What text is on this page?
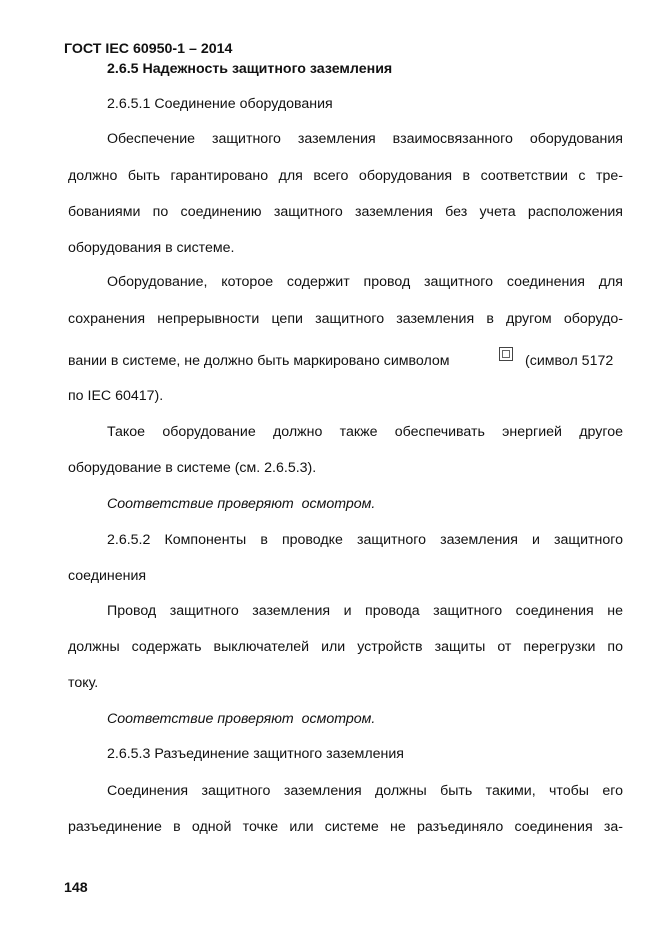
ГОСТ IEC 60950-1 – 2014
2.6.5 Надежность защитного заземления
2.6.5.1 Соединение оборудования
Обеспечение защитного заземления взаимосвязанного оборудования
должно быть гарантировано для всего оборудования в соответствии с тре-
бованиями по соединению защитного заземления без учета расположения
оборудования в системе.
Оборудование, которое содержит провод защитного соединения для
сохранения непрерывности цепи защитного заземления в другом оборудо-
вании в системе, не должно быть маркировано символом	(символ 5172
по IEC 60417).
Такое оборудование должно также обеспечивать энергией другое
оборудование в системе (см. 2.6.5.3).
Соответствие проверяют  осмотром.
2.6.5.2 Компоненты в проводке защитного заземления и защитного
соединения
Провод защитного заземления и провода защитного соединения не
должны содержать выключателей или устройств защиты от перегрузки по
току.
Соответствие проверяют  осмотром.
2.6.5.3 Разъединение защитного заземления
Соединения защитного заземления должны быть такими, чтобы его
разъединение в одной точке или системе не разъединяло соединения за-
148
